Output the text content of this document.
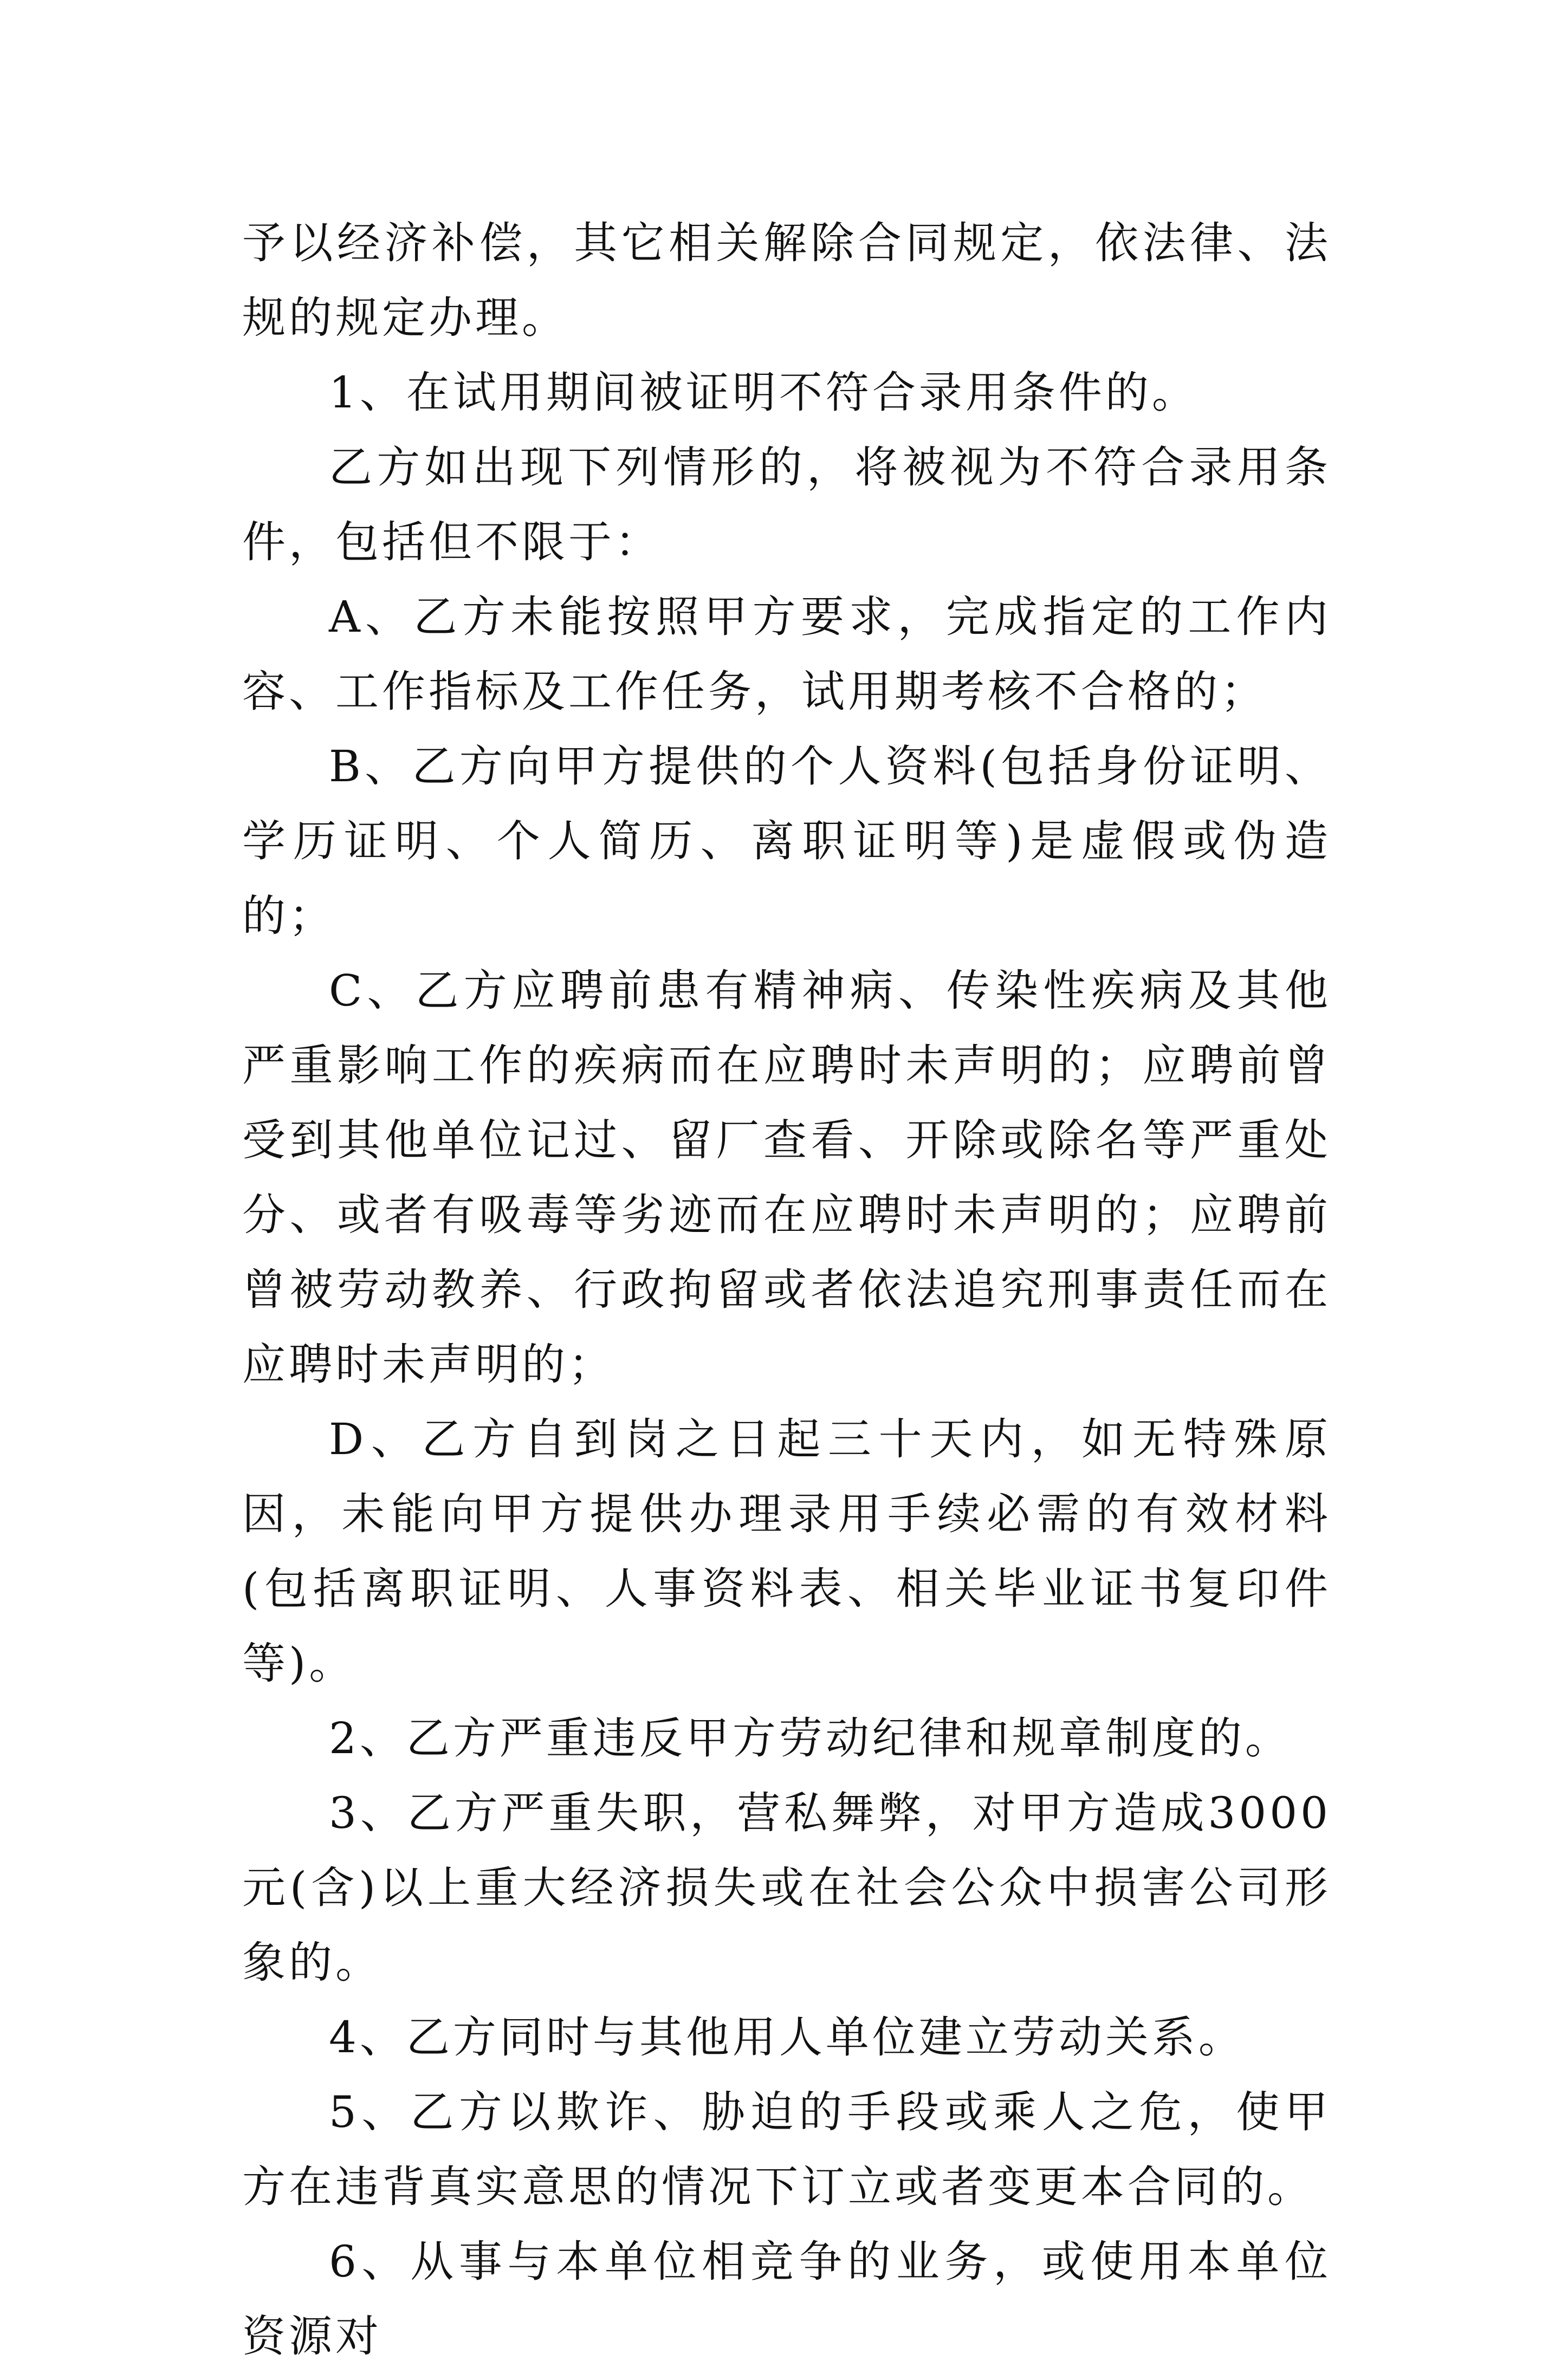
予以经济补偿，其它相关解除合同规定，依法律、法规的规定办理。

1、在试用期间被证明不符合录用条件的。

乙方如出现下列情形的，将被视为不符合录用条件，包括但不限于：

A、乙方未能按照甲方要求，完成指定的工作内容、工作指标及工作任务，试用期考核不合格的；

B、乙方向甲方提供的个人资料(包括身份证明、学历证明、个人简历、离职证明等)是虚假或伪造的；

C、乙方应聘前患有精神病、传染性疾病及其他严重影响工作的疾病而在应聘时未声明的；应聘前曾受到其他单位记过、留厂查看、开除或除名等严重处分、或者有吸毒等劣迹而在应聘时未声明的；应聘前曾被劳动教养、行政拘留或者依法追究刑事责任而在应聘时未声明的；

D、乙方自到岗之日起三十天内，如无特殊原因，未能向甲方提供办理录用手续必需的有效材料(包括离职证明、人事资料表、相关毕业证书复印件等)。

2、乙方严重违反甲方劳动纪律和规章制度的。

3、乙方严重失职，营私舞弊，对甲方造成3000元(含)以上重大经济损失或在社会公众中损害公司形象的。

4、乙方同时与其他用人单位建立劳动关系。

5、乙方以欺诈、胁迫的手段或乘人之危，使甲方在违背真实意思的情况下订立或者变更本合同的。

6、从事与本单位相竞争的业务，或使用本单位资源对
